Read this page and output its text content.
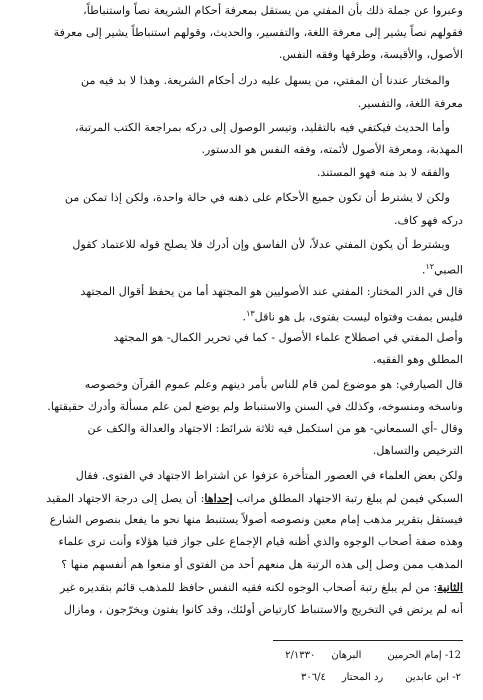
وعبروا عن جملة ذلك بأن المفتي من يستقل بمعرفة أحكام الشريعة نصاً واستنباطاً،
فقولهم نصاً يشير إلى معرفة اللغة، والتفسير، والحديث، وقولهم استنباطاً يشير إلى معرفة
الأصول، والأقيسة، وطرقها وفقه النفس.
والمختار عندنا أن المفتي، من يسهل عليه درك أحكام الشريعة. وهذا لا بد فيه من
معرفة اللغة، والتفسير.
وأما الحديث فيكتفي فيه بالتقليد، وتيسر الوصول إلى دركه بمراجعة الكتب المرتبة،
المهذبة، ومعرفة الأصول لأئمته، وفقه النفس هو الدستور.
والفقه لا بد منه فهو المستند.
ولكن لا يشترط أن تكون جميع الأحكام على ذهنه في حالة واحدة، ولكن إذا تمكن من
دركه فهو كاف.
ويشترط أن يكون المفتي عدلاً، لأن الفاسق وإن أدرك فلا يصلح قوله للاعتماد كقول
الصبي$^{١٢}$.
قال في الدر المختار: المفتي عند الأصوليين هو المجتهد أما من يحفظ أقوال المجتهد
فليس بمفت وفتواه ليست بفتوى، بل هو ناقل$^{١٣}$.
وأصل المفتي في اصطلاح علماء الأصول - كما في تحرير الكمال- هو المجتهد
المطلق وهو الفقيه.
قال الصيارفي: هو موضوع لمن قام للناس بأمر دينهم وعلم عموم القرآن وخصوصه
وناسخه ومنسوخه، وكذلك في السنن والاستنباط ولم يوضع لمن علم مسألة وأدرك حقيقتها.
وقال -أي السمعاني- هو من استكمل فيه ثلاثة شرائط: الاجتهاد والعدالة والكف عن
الترخيص والتساهل.
ولكن بعض العلماء في العصور المتأخرة عزفوا عن اشتراط الاجتهاد في الفتوى. فقال
السبكي فيمن لم يبلغ رتبة الاجتهاد المطلق مراتب إحداها: أن يصل إلى درجة الاجتهاد المقيد
فيستقل بتقرير مذهب إمام معين ونصوصه أصولاً يستنبط منها نحو ما يفعل بنصوص الشارع
وهذه صفة أصحاب الوجوه والذي أظنه قيام الإجماع على جواز فتيا هؤلاء وأنت ترى علماء
المذهب ممن وصل إلى هذه الرتبة هل منعهم أحد من الفتوى أو منعوا هم أنفسهم منها ؟
الثانية: من لم يبلغ رتبة أصحاب الوجوه لكنه فقيه النفس حافظ للمذهب قائم بتقديره غير
أنه لم يرتض في التخريج والاستنباط كارتياض أولئك، وقد كانوا يفتون ويخرّجون ، ومازال
12- إمام الحرمينالبرهان٢/١٣٣٠
٢- ابن عابدينرد المحتار٣٠٦/٤
